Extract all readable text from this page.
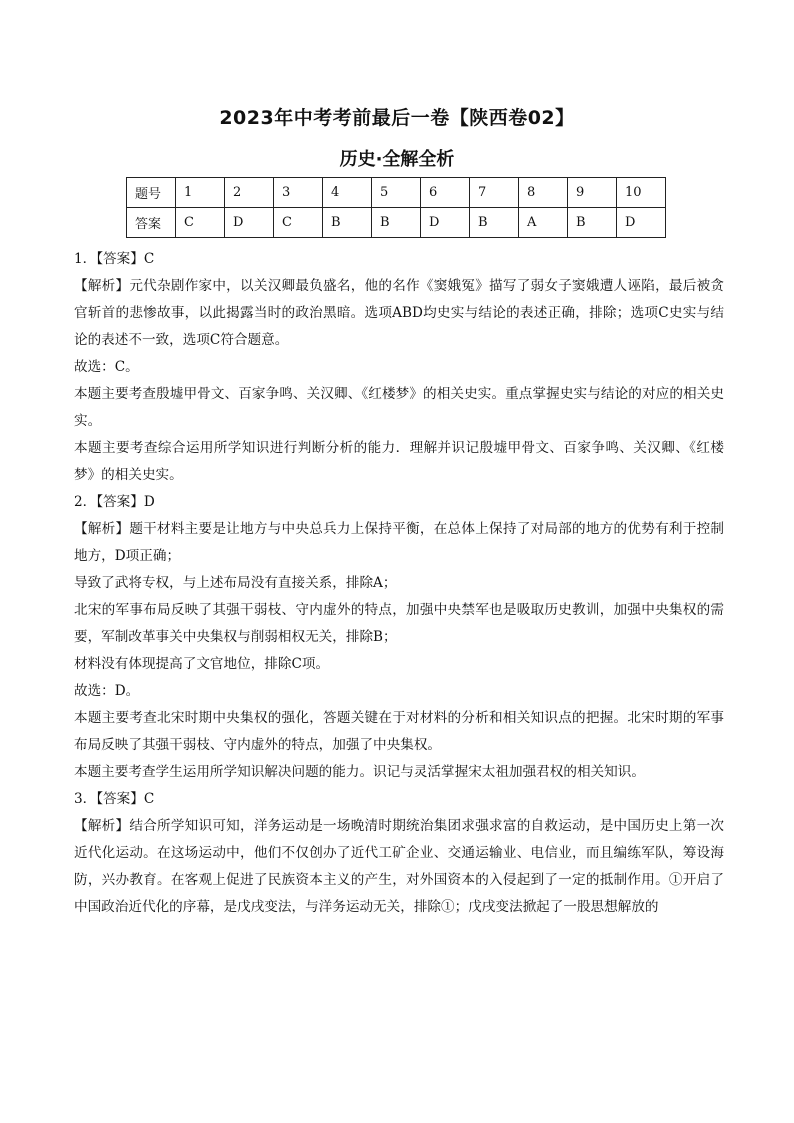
2023年中考考前最后一卷【陕西卷02】
历史·全解全析
题号	1	2	3	4	5	6	7	8	9	10
答案	C	D	C	B	B	D	B	A	B	D

1．【答案】C

【解析】元代杂剧作家中，以关汉卿最负盛名，他的名作《窦娥冤》描写了弱女子窦娥遭人诬陷，最后被贪官斩首的悲惨故事，以此揭露当时的政治黑暗。选项ABD均史实与结论的表述正确，排除；选项C史实与结论的表述不一致，选项C符合题意。

故选：C。

本题主要考查殷墟甲骨文、百家争鸣、关汉卿、《红楼梦》的相关史实。重点掌握史实与结论的对应的相关史实。

本题主要考查综合运用所学知识进行判断分析的能力．理解并识记殷墟甲骨文、百家争鸣、关汉卿、《红楼梦》的相关史实。

2．【答案】D

【解析】题干材料主要是让地方与中央总兵力上保持平衡，在总体上保持了对局部的地方的优势有利于控制地方，D项正确；

导致了武将专权，与上述布局没有直接关系，排除A；

北宋的军事布局反映了其强干弱枝、守内虚外的特点，加强中央禁军也是吸取历史教训，加强中央集权的需要，军制改革事关中央集权与削弱相权无关，排除B；

材料没有体现提高了文官地位，排除C项。

故选：D。

本题主要考查北宋时期中央集权的强化，答题关键在于对材料的分析和相关知识点的把握。北宋时期的军事布局反映了其强干弱枝、守内虚外的特点，加强了中央集权。

本题主要考查学生运用所学知识解决问题的能力。识记与灵活掌握宋太祖加强君权的相关知识。

3．【答案】C

【解析】结合所学知识可知，洋务运动是一场晚清时期统治集团求强求富的自救运动，是中国历史上第一次近代化运动。在这场运动中，他们不仅创办了近代工矿企业、交通运输业、电信业，而且编练军队，筹设海防，兴办教育。在客观上促进了民族资本主义的产生，对外国资本的入侵起到了一定的抵制作用。①开启了中国政治近代化的序幕，是戊戌变法，与洋务运动无关，排除①；戊戌变法掀起了一股思想解放的
